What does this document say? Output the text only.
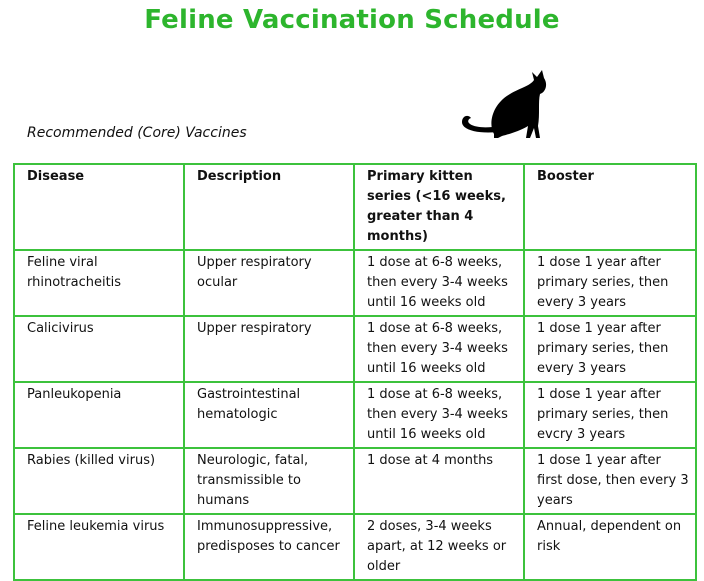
Feline Vaccination Schedule
Recommended (Core) Vaccines
Disease	Description	Primary kitten series (<16 weeks, greater than 4 months)	Booster
Feline viral rhinotracheitis	Upper respiratory ocular	1 dose at 6-8 weeks, then every 3-4 weeks until 16 weeks old	1 dose 1 year after primary series, then every 3 years
Calicivirus	Upper respiratory	1 dose at 6-8 weeks, then every 3-4 weeks until 16 weeks old	1 dose 1 year after primary series, then every 3 years
Panleukopenia	Gastrointestinal hematologic	1 dose at 6-8 weeks, then every 3-4 weeks until 16 weeks old	1 dose 1 year after primary series, then evcry 3 years
Rabies (killed virus)	Neurologic, fatal, transmissible to humans	1 dose at 4 months	1 dose 1 year after first dose, then every 3 years
Feline leukemia virus	Immunosuppressive, predisposes to cancer	2 doses, 3-4 weeks apart, at 12 weeks or older	Annual, dependent on risk
